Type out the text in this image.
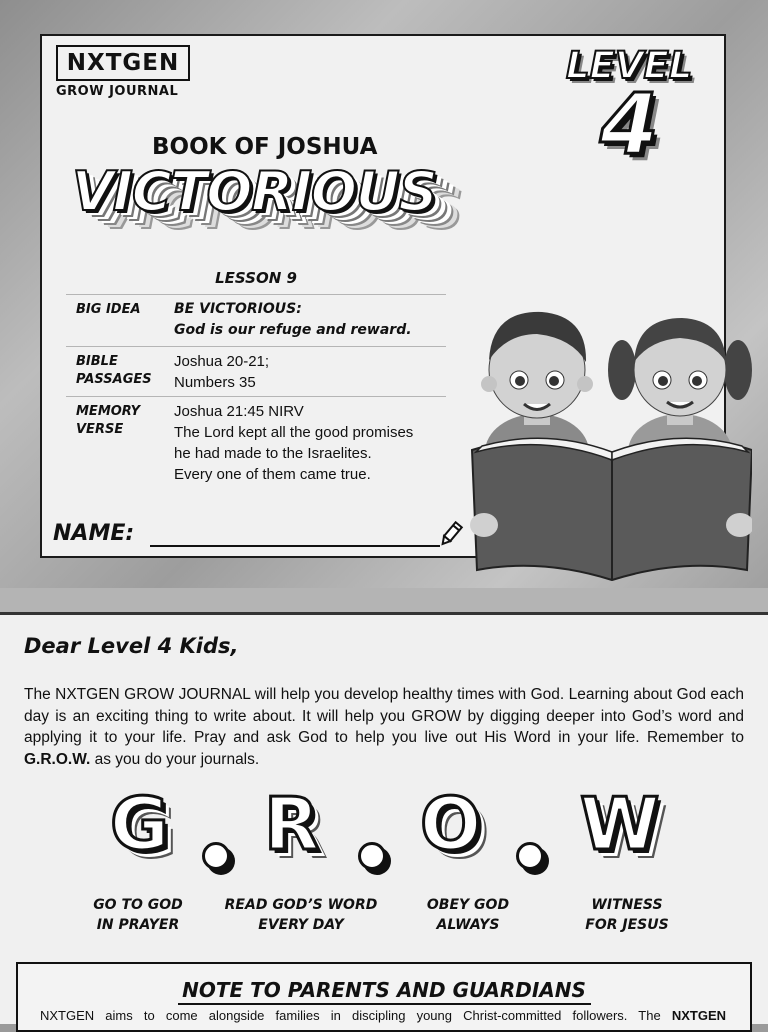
NXTGEN
GROW JOURNAL
LEVEL
4
BOOK OF JOSHUA
VICTORIOUS
LESSON 9
BIG IDEA BE VICTORIOUS:
God is our refuge and reward.
BIBLE
PASSAGES
Joshua 20-21;
Numbers 35
MEMORY
VERSE
Joshua 21:45 NIRV
The Lord kept all the good promises
he had made to the Israelites.
Every one of them came true.
NAME:
Dear Level 4 Kids,
The NXTGEN GROW JOURNAL will help you develop healthy times with God. Learning about God each day is an exciting thing to write about. It will help you GROW by digging deeper into God’s word and applying it to your life. Pray and ask God to help you live out His Word in your life. Remember to G.R.O.W. as you do your journals.
G R O W
GO TO GOD
IN PRAYER
READ GOD’S WORD
EVERY DAY
OBEY GOD
ALWAYS
WITNESS
FOR JESUS
NOTE TO PARENTS AND GUARDIANS
NXTGEN aims to come alongside families in discipling young Christ-committed followers. The NXTGEN
